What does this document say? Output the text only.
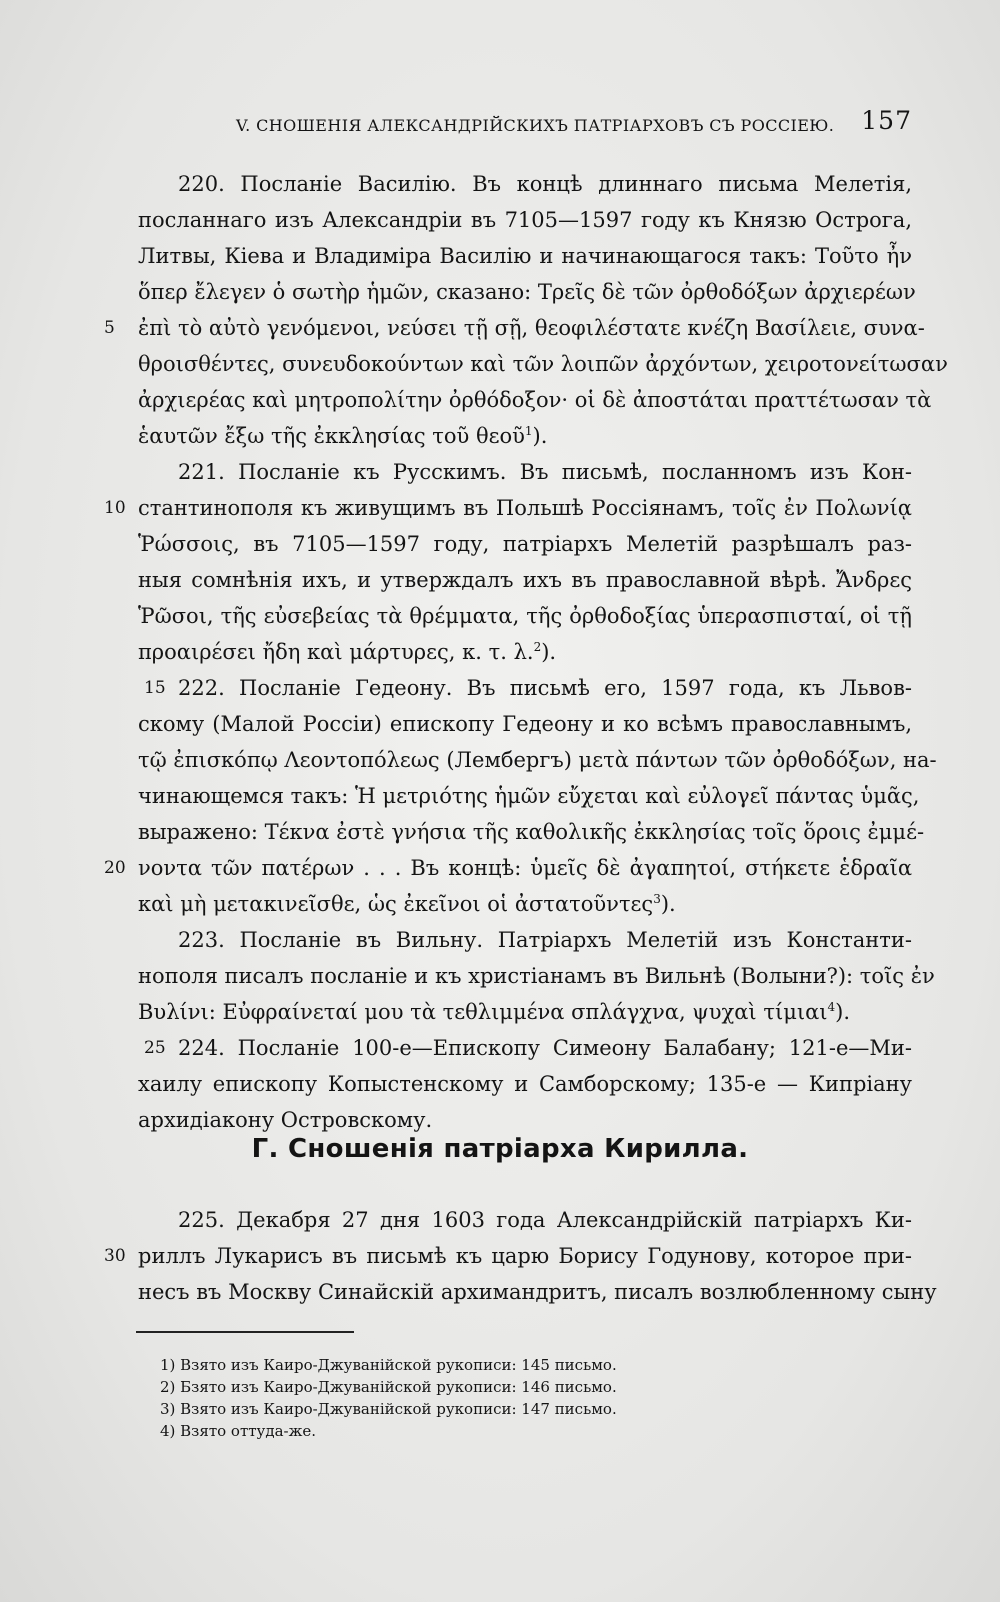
V. СНОШЕНІЯ АЛЕКСАНДРІЙСКИХЪ ПАТРІАРХОВЪ СЪ РОССІЕЮ. 157
220. Посланіе Василію. Въ концѣ длиннаго письма Мелетія,
посланнаго изъ Александріи въ 7105—1597 году къ Князю Острога,
Литвы, Кіева и Владиміра Василію и начинающагося такъ: Τοῦτο ἦν
ὅπερ ἔλεγεν ὁ σωτὴρ ἡμῶν, сказано: Τρεῖς δὲ τῶν ὀρθοδόξων ἀρχιερέων
5	ἐπὶ τὸ αὐτὸ γενόμενοι, νεύσει τῇ σῇ, θεοφιλέστατε κνέζη Βασίλειε, συνα-
θροισθέντες, συνευδοκούντων καὶ τῶν λοιπῶν ἀρχόντων, χειροτονείτωσαν
ἀρχιερέας καὶ μητροπολίτην ὀρθόδοξον· οἱ δὲ ἀποστάται πραττέτωσαν τὰ
ἑαυτῶν ἔξω τῆς ἐκκλησίας τοῦ θεοῦ$^1$).
221. Посланіе къ Русскимъ. Въ письмѣ, посланномъ изъ Кон-
10 стантинополя къ живущимъ въ Польшѣ Россіянамъ, τοῖς ἐν Πολωνίᾳ
Ῥώσσοις, въ 7105—1597 году, патріархъ Мелетій разрѣшалъ раз-
ныя сомнѣнія ихъ, и утверждалъ ихъ въ православной вѣрѣ. Ἄνδρες
Ῥῶσοι, τῆς εὐσεβείας τὰ θρέμματα, τῆς ὀρθοδοξίας ὑπερασπισταί, οἱ τῇ
προαιρέσει ἤδη καὶ μάρτυρες, κ. τ. λ.$^2$).
15 222. Посланіе Гедеону. Въ письмѣ его, 1597 года, къ Львов-
скому (Малой Россіи) епископу Гедеону и ко всѣмъ православнымъ,
τῷ ἐπισκόπῳ Λεοντοπόλεως (Лембергъ) μετὰ πάντων τῶν ὀρθοδόξων, на-
чинающемся такъ: Ἡ μετριότης ἡμῶν εὔχεται καὶ εὐλογεῖ πάντας ὑμᾶς,
выражено: Τέκνα ἐστὲ γνήσια τῆς καθολικῆς ἐκκλησίας τοῖς ὅροις ἐμμέ-
20 νοντα τῶν πατέρων . . . Въ концѣ: ὑμεῖς δὲ ἀγαπητοί, στήκετε ἑδραῖα
καὶ μὴ μετακινεῖσθε, ὡς ἐκεῖνοι οἱ ἀστατοῦντες$^3$).
223. Посланіе въ Вильну. Патріархъ Мелетій изъ Константи-
нополя писалъ посланіе и къ христіанамъ въ Вильнѣ (Волыни?): τοῖς ἐν
Βυλίνι: Εὐφραίνεταί μου τὰ τεθλιμμένα σπλάγχνα, ψυχαὶ τίμιαι$^4$).
25 224. Посланіе 100-е—Епископу Симеону Балабану; 121-е—Ми-
хаилу епископу Копыстенскому и Самборскому; 135-е — Кипріану
архидіакону Островскому.
Г. Сношенія патріарха Кирилла.
225. Декабря 27 дня 1603 года Александрійскій патріархъ Ки-
30 риллъ Лукарисъ въ письмѣ къ царю Борису Годунову, которое при-
несъ въ Москву Синайскій архимандритъ, писалъ возлюбленному сыну
1) Взято изъ Каиро-Джуванійской рукописи: 145 письмо.
2) Бзято изъ Каиро-Джуванійской рукописи: 146 письмо.
3) Взято изъ Каиро-Джуванійской рукописи: 147 письмо.
4) Взято оттуда-же.
